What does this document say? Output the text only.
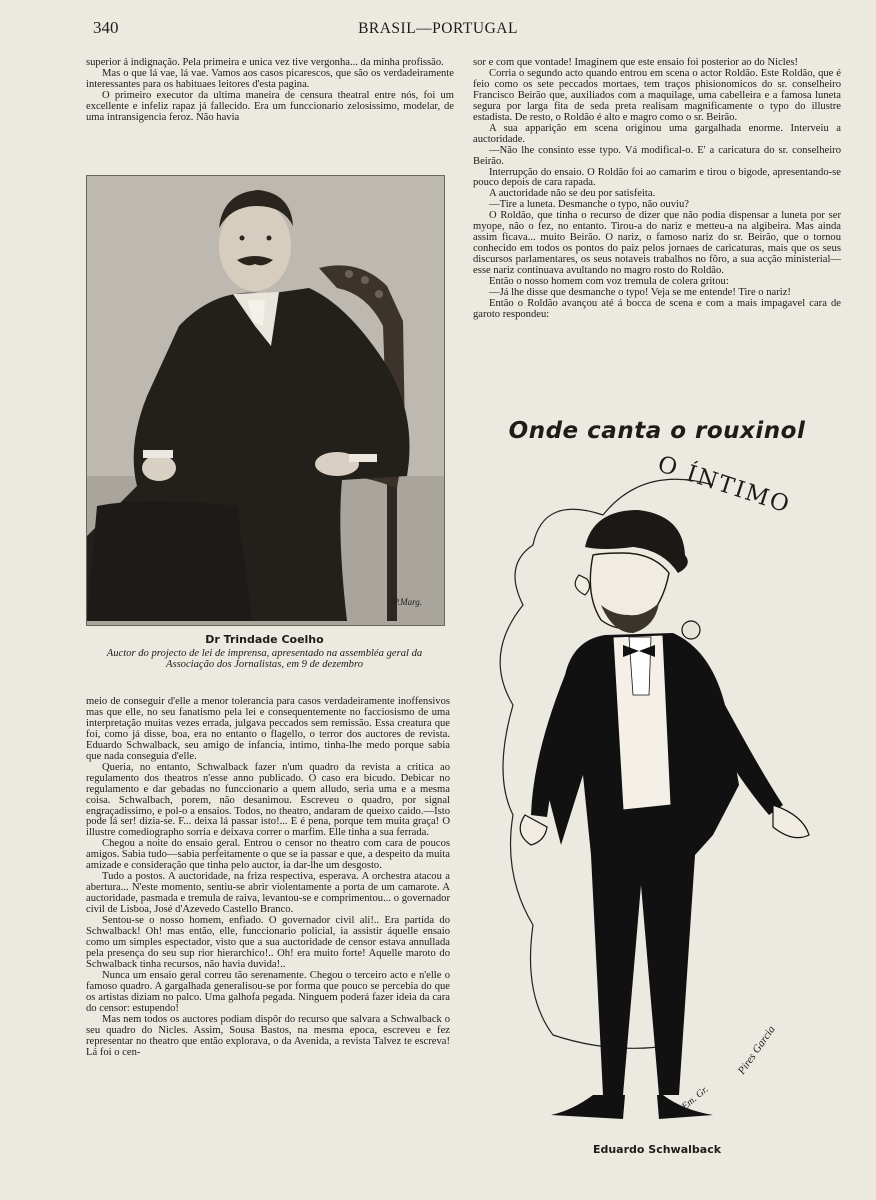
340	BRASIL—PORTUGAL

superior á indignação. Pela primeira e unica vez tive vergonha... da minha profissão.

Mas o que lá vae, lá vae. Vamos aos casos picarescos, que são os verdadeiramente interessantes para os habituaes leitores d'esta pagina.

O primeiro executor da ultima maneira de censura theatral entre nós, foi um excellente e infeliz rapaz já fallecido. Era um funccionario zelosissimo, modelar, de uma intransigencia feroz. Não havia

P.Marg.
Dr Trindade Coelho
Auctor do projecto de lei de imprensa, apresentado na assembléa geral da Associação dos Jornalistas, em 9 de dezembro

meio de conseguir d'elle a menor tolerancia para casos verdadeiramente inoffensivos mas que elle, no seu fanatismo pela lei e consequentemente no facciosismo de uma interpretação muitas vezes errada, julgava peccados sem remissão. Essa creatura que foi, como já disse, boa, era no entanto o flagello, o terror dos auctores de revista. Eduardo Schwalback, seu amigo de infancia, intimo, tinha-lhe medo porque sabia que nada conseguia d'elle.

Queria, no entanto, Schwalback fazer n'um quadro da revista a critica ao regulamento dos theatros n'esse anno publicado. O caso era bicudo. Debicar no regulamento e dar gebadas no funccionario a quem alludo, seria uma e a mesma coisa. Schwalbach, porem, não desanimou. Escreveu o quadro, por signal engraçadissimo, e pol-o a ensaios. Todos, no theatro, andaram de queixo caido.—Isto pode lá ser! dizia-se. F... deixa lá passar isto!... E é pena, porque tem muita graça! O illustre comediographo sorria e deixava correr o marfim. Elle tinha a sua ferrada.

Chegou a noite do ensaio geral. Entrou o censor no theatro com cara de poucos amigos. Sabia tudo—sabia perfeitamente o que se ia passar e que, a despeito da muita amizade e consideração que tinha pelo auctor, ia dar-lhe um desgosto.

Tudo a postos. A auctoridade, na friza respectiva, esperava. A orchestra atacou a abertura... N'este momento, sentiu-se abrir violentamente a porta de um camarote. A auctoridade, pasmada e tremula de raiva, levantou-se e comprimentou... o governador civil de Lisboa, José d'Azevedo Castello Branco.

Sentou-se o nosso homem, enfiado. O governador civil ali!.. Era partida do Schwalback! Oh! mas então, elle, funccionario policial, ia assistir áquelle ensaio como um simples espectador, visto que a sua auctoridade de censor estava annullada pela presença do seu sup rior hierarchico!.. Oh! era muito forte! Aquelle maroto do Schwalback tinha recursos, não havia duvida!..

Nunca um ensaio geral correu tão serenamente. Chegou o terceiro acto e n'elle o famoso quadro. A gargalhada generalisou-se por forma que pouco se percebia do que os artistas diziam no palco. Uma galhofa pegada. Ninguem poderá fazer ideia da cara do censor: estupendo!

Mas nem todos os auctores podiam dispôr do recurso que salvara a Schwalback o seu quadro do Nicles. Assim, Sousa Bastos, na mesma epoca, escreveu e fez representar no theatro que então explorava, o da Avenida, a revista Talvez te escreva! Lá foi o cen-

sor e com que vontade! Imaginem que este ensaio foi posterior ao do Nicles!

Corria o segundo acto quando entrou em scena o actor Roldão. Este Roldão, que é feio como os sete peccados mortaes, tem traços phisionomicos do sr. conselheiro Francisco Beirão que, auxiliados com a maquilage, uma cabelleira e a famosa luneta segura por larga fita de seda preta realisam magnificamente o typo do illustre estadista. De resto, o Roldão é alto e magro como o sr. Beirão.

A sua apparição em scena originou uma gargalhada enorme. Interveiu a auctoridade.

—Não lhe consinto esse typo. Vá modifical-o. E' a caricatura do sr. conselheiro Beirão.

Interrupção do ensaio. O Roldão foi ao camarim e tirou o bigode, apresentando-se pouco depois de cara rapada.

A auctoridade não se deu por satisfeita.

—Tire a luneta. Desmanche o typo, não ouviu?

O Roldão, que tinha o recurso de dizer que não podia dispensar a luneta por ser myope, não o fez, no entanto. Tirou-a do nariz e metteu-a na algibeira. Mas ainda assim ficava... muito Beirão. O nariz, o famoso nariz do sr. Beirão, que o tornou conhecido em todos os pontos do paiz pelos jornaes de caricaturas, mais que os seus discursos parlamentares, os seus notaveis trabalhos no fôro, a sua acção ministerial—esse nariz continuava avultando no magro rosto do Roldão.

Então o nosso homem com voz tremula de colera gritou:

—Já lhe disse que desmanche o typo! Veja se me entende! Tire o nariz!

Então o Roldão avançou até á bocca de scena e com a mais impagavel cara de garoto respondeu:

Onde canta o rouxinol
Pires Garcia
Em. Gr.
O ÍNTIMO
Eduardo Schwalback
